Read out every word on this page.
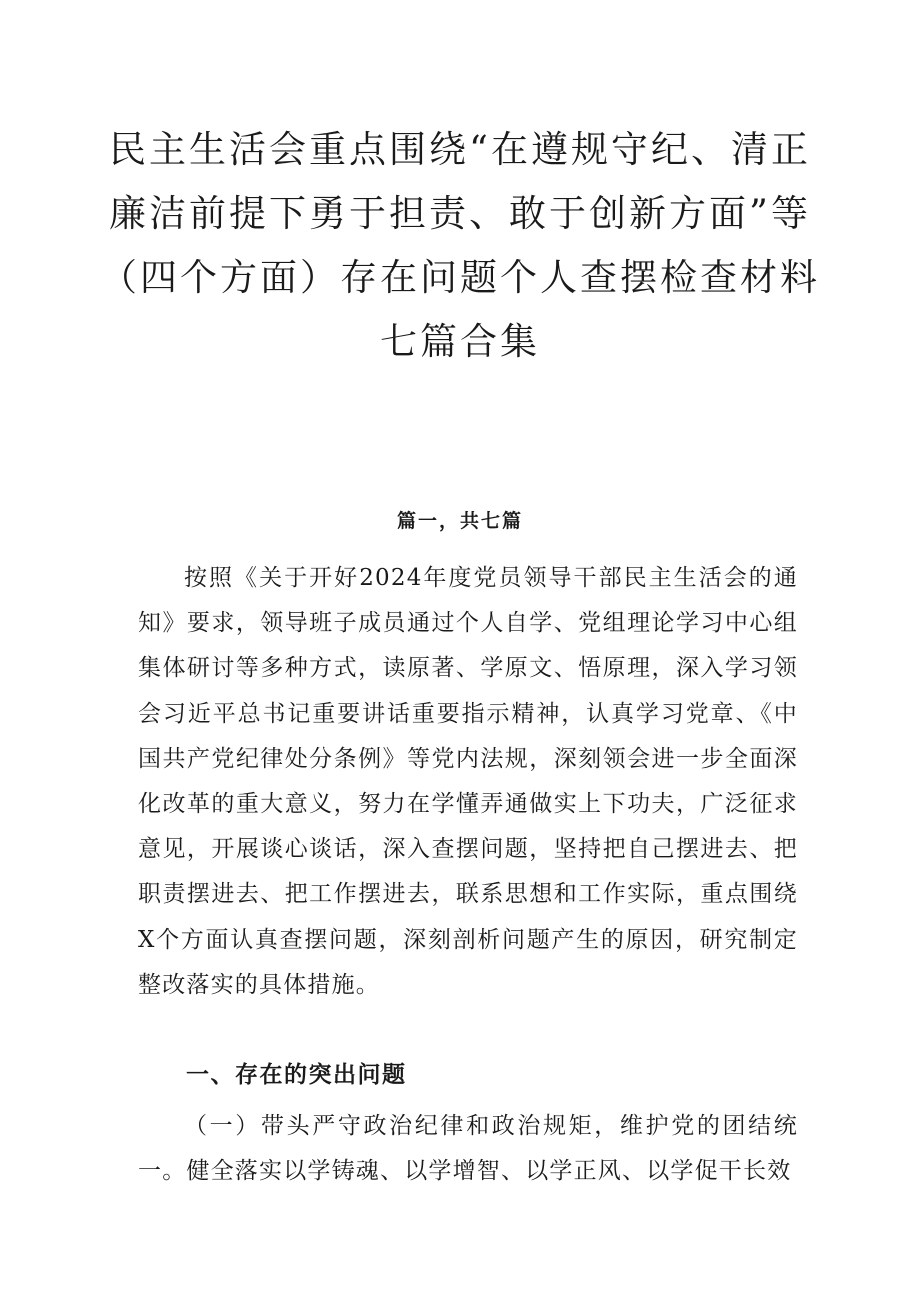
民主生活会重点围绕“在遵规守纪、清正
廉洁前提下勇于担责、敢于创新方面”等
（四个方面）存在问题个人查摆检查材料
七篇合集
篇一，共七篇

按照《关于开好2024年度党员领导干部民主生活会的通知》要求，领导班子成员通过个人自学、党组理论学习中心组集体研讨等多种方式，读原著、学原文、悟原理，深入学习领会习近平总书记重要讲话重要指示精神，认真学习党章、《中国共产党纪律处分条例》等党内法规，深刻领会进一步全面深化改革的重大意义，努力在学懂弄通做实上下功夫，广泛征求意见，开展谈心谈话，深入查摆问题，坚持把自己摆进去、把职责摆进去、把工作摆进去，联系思想和工作实际，重点围绕X个方面认真查摆问题，深刻剖析问题产生的原因，研究制定整改落实的具体措施。

一、存在的突出问题

（一）带头严守政治纪律和政治规矩，维护党的团结统一。健全落实以学铸魂、以学增智、以学正风、以学促干长效
